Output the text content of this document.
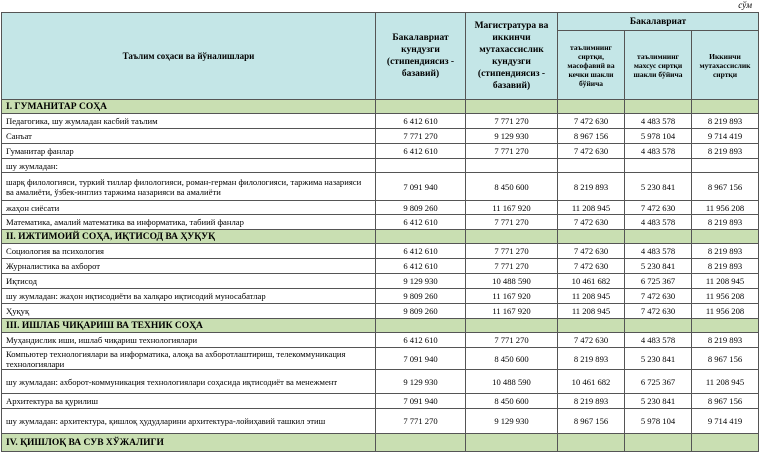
сўм
Таълим соҳаси ва йўналишлари	Бакалавриат кундузги (стипендиясиз - базавий)	Магистратура ва иккинчи мутахассислик кундузги (стипендиясиз - базавий)	Бакалавриат		
			таълимнинг сиртқи, масофавий ва кечки шакли бўйича	таълимнинг махсус сиртқи шакли бўйича	Иккинчи мутахассислик сиртқи
I. ГУМАНИТАР СОҲА					
Педагогика, шу жумладан касбий таълим	6 412 610	7 771 270	7 472 630	4 483 578	8 219 893
Санъат	7 771 270	9 129 930	8 967 156	5 978 104	9 714 419
Гуманитар фанлар	6 412 610	7 771 270	7 472 630	4 483 578	8 219 893
шу жумладан:					
шарқ филологияси, туркий тиллар филологияси, роман-герман филологияси, таржима назарияси ва амалиёти, ўзбек-инглиз таржима назарияси ва амалиёти	7 091 940	8 450 600	8 219 893	5 230 841	8 967 156
жаҳон сиёсати	9 809 260	11 167 920	11 208 945	7 472 630	11 956 208
Математика, амалий математика ва информатика, табиий фанлар	6 412 610	7 771 270	7 472 630	4 483 578	8 219 893
II. ИЖТИМОИЙ СОҲА, ИҚТИСОД ВА ҲУҚУҚ					
Социология ва психология	6 412 610	7 771 270	7 472 630	4 483 578	8 219 893
Журналистика ва ахборот	6 412 610	7 771 270	7 472 630	5 230 841	8 219 893
Иқтисод	9 129 930	10 488 590	10 461 682	6 725 367	11 208 945
шу жумладан: жаҳон иқтисодиёти ва халқаро иқтисодий муносабатлар	9 809 260	11 167 920	11 208 945	7 472 630	11 956 208
Ҳуқуқ	9 809 260	11 167 920	11 208 945	7 472 630	11 956 208
III. ИШЛАБ ЧИҚАРИШ ВА ТЕХНИК СОҲА					
Муҳандислик иши, ишлаб чиқариш технологиялари	6 412 610	7 771 270	7 472 630	4 483 578	8 219 893
Компьютер технологиялари ва информатика, алоқа ва ахборотлаштириш, телекоммуникация технологиялари	7 091 940	8 450 600	8 219 893	5 230 841	8 967 156
шу жумладан: ахборот-коммуникация технологиялари соҳасида иқтисодиёт ва менежмент	9 129 930	10 488 590	10 461 682	6 725 367	11 208 945
Архитектура ва қурилиш	7 091 940	8 450 600	8 219 893	5 230 841	8 967 156
шу жумладан: архитектура, қишлоқ ҳудудларини архитектура-лойиҳавий ташкил этиш	7 771 270	9 129 930	8 967 156	5 978 104	9 714 419
IV. ҚИШЛОҚ ВА СУВ ХЎЖАЛИГИ					
